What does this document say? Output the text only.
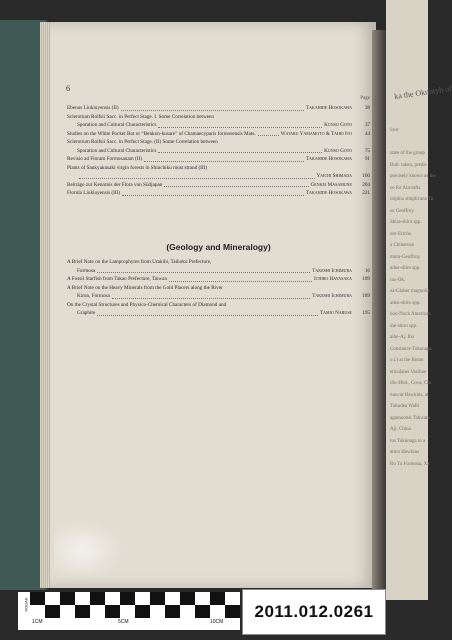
6
Page
Ebenus Liukiuyensis (II)	Takahide Hosokawa	38
Sclerotium Rolfsii Sacc. in Perfect Stage. I. Some Correlation between
Sporation and Cultural Characteristics	Kunso Goto	37
Studies on the White Pocket Rot or “Benkon-kusare” of Chamaecyparis formosensis Mats.	Wataru Yamamoto & Tahei Ito	44
Sclerotium Rolfsii Sacc. in Perfect Stage. (II) Some Correlation between
Sporation and Cultural Characteristics	Kunso Goto	75
Revisio ad Floram Formosanam (II)	Takahide Hosokawa	91
Plants of Saukyakusaki virgin forests in Shinchiku must strand (III)
Yaichi Shimada	160
Beiträge zur Kenntnis der Flora von Südjapan	Genkei Masamune	204
Florula Liukiuyensis (III)	Takahide Hosokawa	221
(Geology and Mineralogy)
A Brief Note on the Lamprophyres from Urakibi, Taihoku Prefecture,
Formosa	Takeshi Ichimura	16
A Fossil Starfish from Takao Prefecture, Taiwan	Ichiro Hayasaka	189
A Brief Note on the Heavy Minerals from the Gold Placers along the River
Kirun, Formosa	Takeshi Ichimura	189
On the Crystal Structures and Physico-Chemical Characters of Diamond and
Graphite	Tamio Naruse	195
ka the Okuntyh of
Syst
state of the group
Bull. taken, predic
precisely known as the
ce for Aircrafts
ilophia simplicana Ta
us Geoffroy
Shira-shiro spp.
ore-Erichs.
a Chinerosa
mura-Geoffroy
adue-shiro spp.
rus-Ok.
ea-Glaber magnolia
aitsu-shiro spp.
boo-Nock American
ihe-shiro spp.
aihe-Aj. Ibo
Constance Tokunaga
o.i.) at the Botan
eticulatus Vasiliae
iliu-Hiol., Cova, Chi
nuncat Hawkins, at
Tokudea Walli
agamoonsi Takwam
Aji, China
lus Tokunaga to a
ation Hawkins
Ro Tu Formosa, Xx
KODAK
1CM	5CM	10CM
2011.012.0261
